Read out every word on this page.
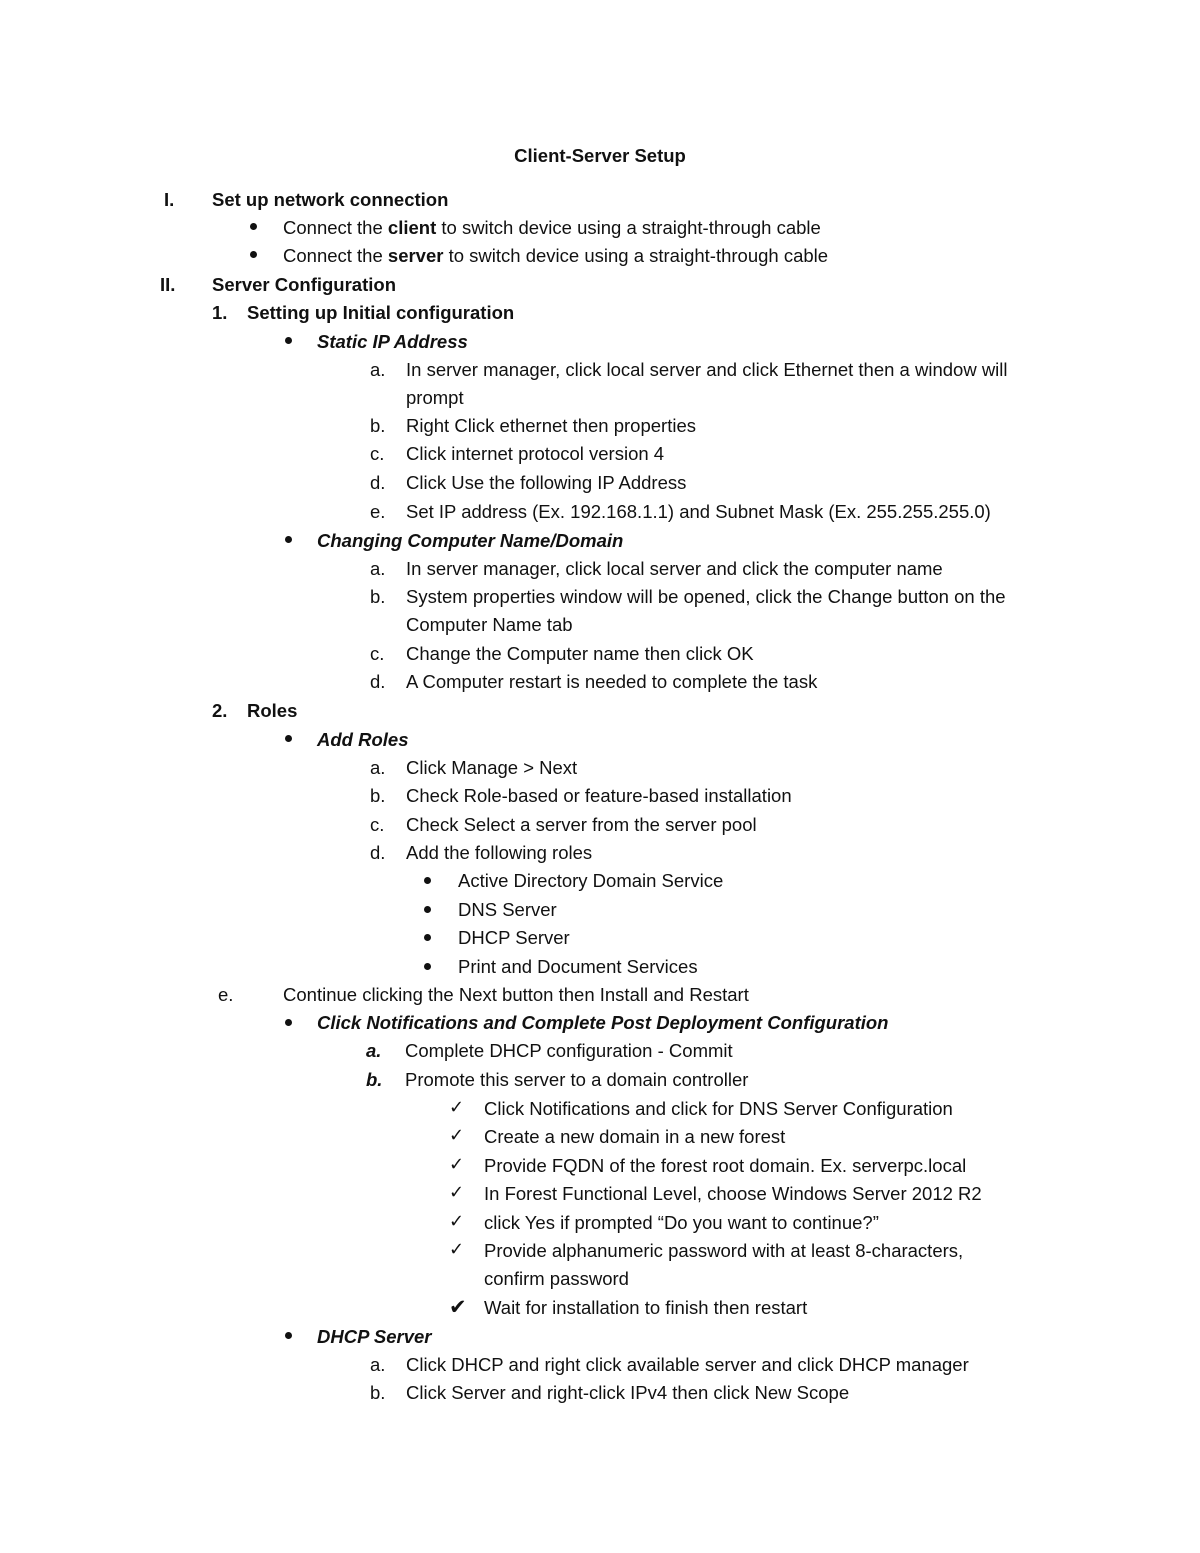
Client-Server Setup
I. Set up network connection
Connect the client to switch device using a straight-through cable
Connect the server to switch device using a straight-through cable
II. Server Configuration
1. Setting up Initial configuration
Static IP Address
a. In server manager, click local server and click Ethernet then a window will
prompt
b. Right Click ethernet then properties
c. Click internet protocol version 4
d. Click Use the following IP Address
e. Set IP address (Ex. 192.168.1.1) and Subnet Mask (Ex. 255.255.255.0)
Changing Computer Name/Domain
a. In server manager, click local server and click the computer name
b. System properties window will be opened, click the Change button on the
Computer Name tab
c. Change the Computer name then click OK
d. A Computer restart is needed to complete the task
2. Roles
Add Roles
a. Click Manage > Next
b. Check Role-based or feature-based installation
c. Check Select a server from the server pool
d. Add the following roles
Active Directory Domain Service
DNS Server
DHCP Server
Print and Document Services
e.	Continue clicking the Next button then Install and Restart
Click Notifications and Complete Post Deployment Configuration
a. Complete DHCP configuration - Commit
b. Promote this server to a domain controller
✓ Click Notifications and click for DNS Server Configuration
✓ Create a new domain in a new forest
✓ Provide FQDN of the forest root domain. Ex. serverpc.local
✓ In Forest Functional Level, choose Windows Server 2012 R2
✓ click Yes if prompted “Do you want to continue?”
✓ Provide alphanumeric password with at least 8-characters,
confirm password
✔ Wait for installation to finish then restart
DHCP Server
a. Click DHCP and right click available server and click DHCP manager
b. Click Server and right-click IPv4 then click New Scope
